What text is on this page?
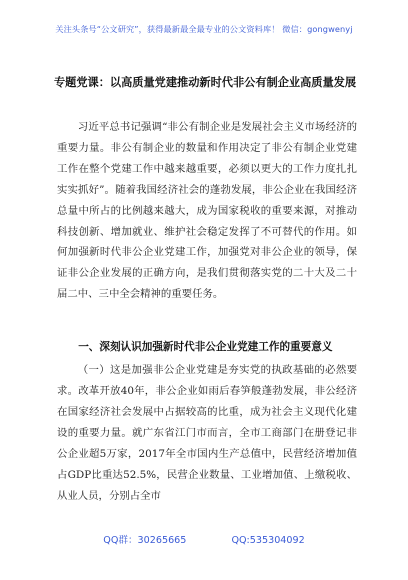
关注头条号“公文研究”，获得最新最全最专业的公文资料库！ 微信：gongwenyj
专题党课：以高质量党建推动新时代非公有制企业高质量发展

习近平总书记强调“非公有制企业是发展社会主义市场经济的重要力量。非公有制企业的数量和作用决定了非公有制企业党建工作在整个党建工作中越来越重要，必须以更大的工作力度扎扎实实抓好”。随着我国经济社会的蓬勃发展，非公企业在我国经济总量中所占的比例越来越大，成为国家税收的重要来源，对推动科技创新、增加就业、维护社会稳定发挥了不可替代的作用。如何加强新时代非公企业党建工作，加强党对非公企业的领导，保证非公企业发展的正确方向，是我们贯彻落实党的二十大及二十届二中、三中全会精神的重要任务。

一、深刻认识加强新时代非公企业党建工作的重要意义

（一）这是加强非公企业党建是夯实党的执政基础的必然要求。改革开放40年，非公企业如雨后春笋般蓬勃发展，非公经济在国家经济社会发展中占据较高的比重，成为社会主义现代化建设的重要力量。就广东省江门市而言，全市工商部门在册登记非公企业超5万家，2017年全市国内生产总值中，民营经济增加值占GDP比重达52.5%，民营企业数量、工业增加值、上缴税收、从业人员，分别占全市

QQ群：30265665	QQ:535304092
